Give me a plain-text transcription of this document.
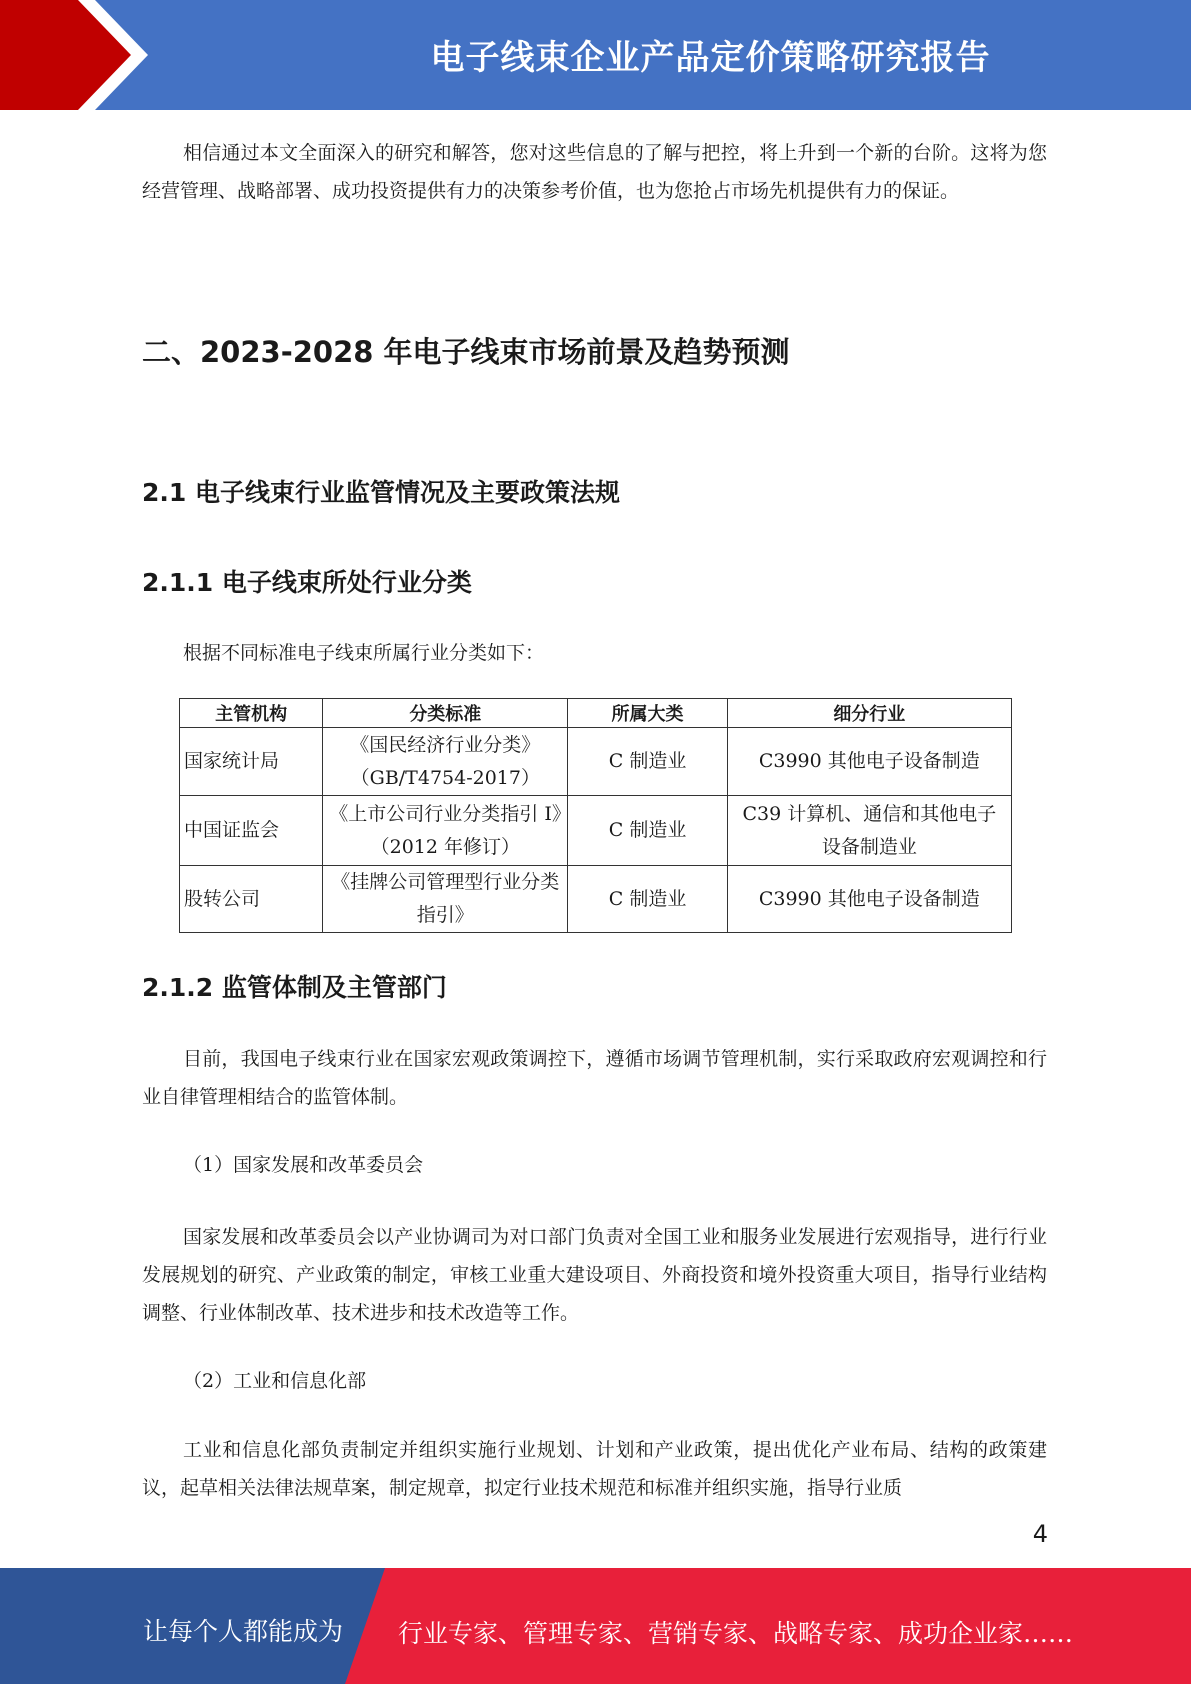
电子线束企业产品定价策略研究报告

相信通过本文全面深入的研究和解答，您对这些信息的了解与把控，将上升到一个新的台阶。这将为您经营管理、战略部署、成功投资提供有力的决策参考价值，也为您抢占市场先机提供有力的保证。

二、2023-2028 年电子线束市场前景及趋势预测
2.1 电子线束行业监管情况及主要政策法规
2.1.1 电子线束所处行业分类

根据不同标准电子线束所属行业分类如下：

主管机构	分类标准	所属大类	细分行业
国家统计局	《国民经济行业分类》（GB/T4754-2017）	C 制造业	C3990 其他电子设备制造
中国证监会	《上市公司行业分类指引 I》（2012 年修订）	C 制造业	C39 计算机、通信和其他电子 设备制造业
股转公司	《挂牌公司管理型行业分类指引》	C 制造业	C3990 其他电子设备制造
2.1.2 监管体制及主管部门

目前，我国电子线束行业在国家宏观政策调控下，遵循市场调节管理机制，实行采取政府宏观调控和行业自律管理相结合的监管体制。

（1）国家发展和改革委员会

国家发展和改革委员会以产业协调司为对口部门负责对全国工业和服务业发展进行宏观指导，进行行业发展规划的研究、产业政策的制定，审核工业重大建设项目、外商投资和境外投资重大项目，指导行业结构调整、行业体制改革、技术进步和技术改造等工作。

（2）工业和信息化部

工业和信息化部负责制定并组织实施行业规划、计划和产业政策，提出优化产业布局、结构的政策建议，起草相关法律法规草案，制定规章，拟定行业技术规范和标准并组织实施，指导行业质

4
让每个人都能成为 行业专家、管理专家、营销专家、战略专家、成功企业家……
